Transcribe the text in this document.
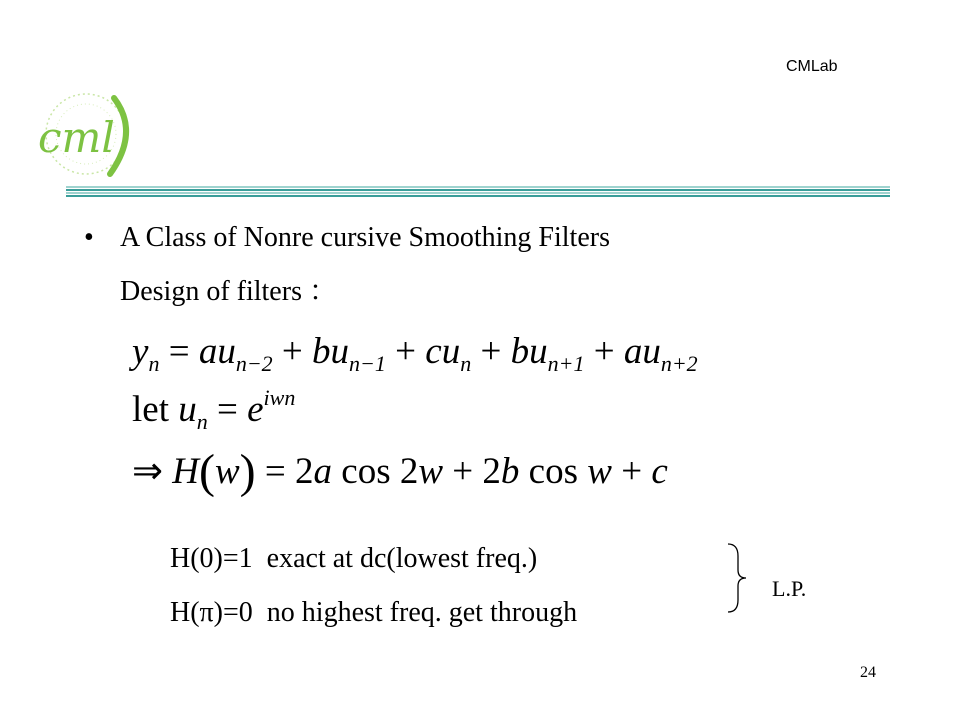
CMLab
cml
• A Class of Nonre cursive Smoothing Filters
Design of filters ：
$y_n = au_{n-2} + bu_{n-1} + cu_n + bu_{n+1} + au_{n+2}$
let $u_n = e^{iwn}$
⇒ H(w) = 2a cos 2w + 2b cos w + c
H(0)=1 exact at dc(lowest freq.)
H(π)=0 no highest freq. get through
L.P.
24
